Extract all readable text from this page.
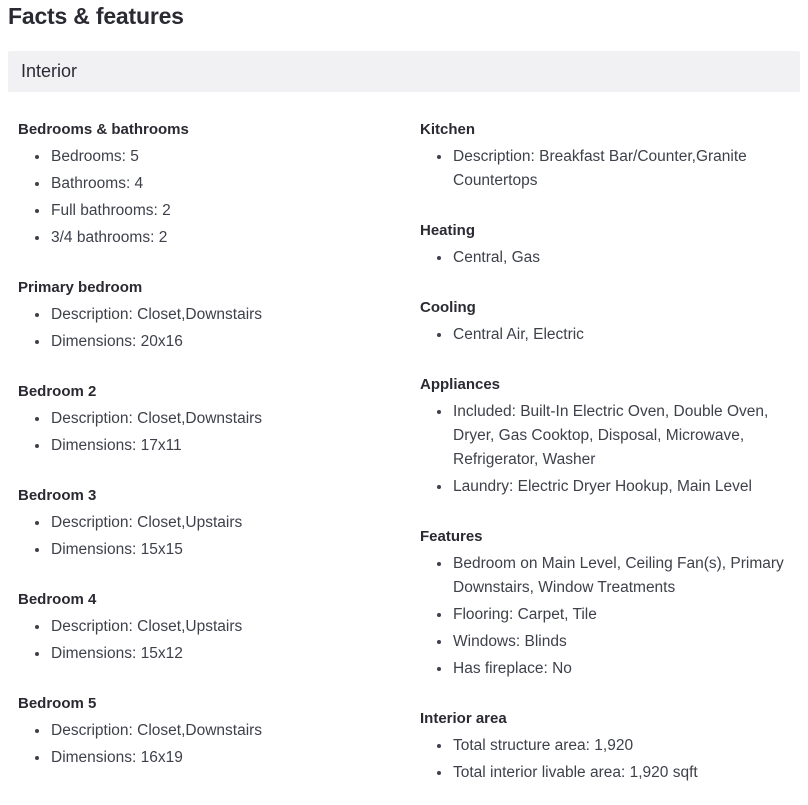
Facts & features
Interior
Bedrooms & bathrooms
• Bedrooms: 5
• Bathrooms: 4
• Full bathrooms: 2
• 3/4 bathrooms: 2
Primary bedroom
• Description: Closet,Downstairs
• Dimensions: 20x16
Bedroom 2
• Description: Closet,Downstairs
• Dimensions: 17x11
Bedroom 3
• Description: Closet,Upstairs
• Dimensions: 15x15
Bedroom 4
• Description: Closet,Upstairs
• Dimensions: 15x12
Bedroom 5
• Description: Closet,Downstairs
• Dimensions: 16x19
Kitchen
• Description: Breakfast Bar/Counter,Granite Countertops
Heating
• Central, Gas
Cooling
• Central Air, Electric
Appliances
• Included: Built-In Electric Oven, Double Oven, Dryer, Gas Cooktop, Disposal, Microwave, Refrigerator, Washer
• Laundry: Electric Dryer Hookup, Main Level
Features
• Bedroom on Main Level, Ceiling Fan(s), Primary Downstairs, Window Treatments
• Flooring: Carpet, Tile
• Windows: Blinds
• Has fireplace: No
Interior area
• Total structure area: 1,920
• Total interior livable area: 1,920 sqft
